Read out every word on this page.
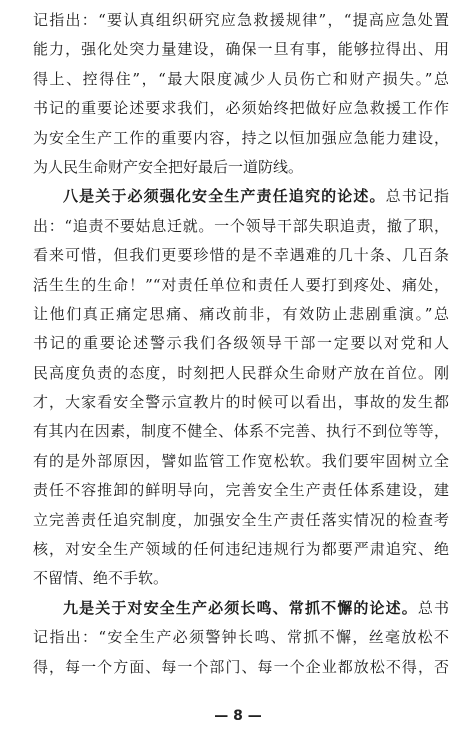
记指出：“要认真组织研究应急救援规律”，“提高应急处置
能力，强化处突力量建设，确保一旦有事，能够拉得出、用
得上、控得住”，“最大限度减少人员伤亡和财产损失。”总
书记的重要论述要求我们，必须始终把做好应急救援工作作
为安全生产工作的重要内容，持之以恒加强应急能力建设，
为人民生命财产安全把好最后一道防线。
八是关于必须强化安全生产责任追究的论述。总书记指
出：“追责不要姑息迁就。一个领导干部失职追责，撤了职，
看来可惜，但我们更要珍惜的是不幸遇难的几十条、几百条
活生生的生命！”“对责任单位和责任人要打到疼处、痛处，
让他们真正痛定思痛、痛改前非，有效防止悲剧重演。”总
书记的重要论述警示我们各级领导干部一定要以对党和人
民高度负责的态度，时刻把人民群众生命财产放在首位。刚
才，大家看安全警示宣教片的时候可以看出，事故的发生都
有其内在因素，制度不健全、体系不完善、执行不到位等等，
有的是外部原因，譬如监管工作宽松软。我们要牢固树立全
责任不容推卸的鲜明导向，完善安全生产责任体系建设，建
立完善责任追究制度，加强安全生产责任落实情况的检查考
核，对安全生产领域的任何违纪违规行为都要严肃追究、绝
不留情、绝不手软。
九是关于对安全生产必须长鸣、常抓不懈的论述。总书
记指出：“安全生产必须警钟长鸣、常抓不懈，丝毫放松不
得，每一个方面、每一个部门、每一个企业都放松不得，否
— 8 —
